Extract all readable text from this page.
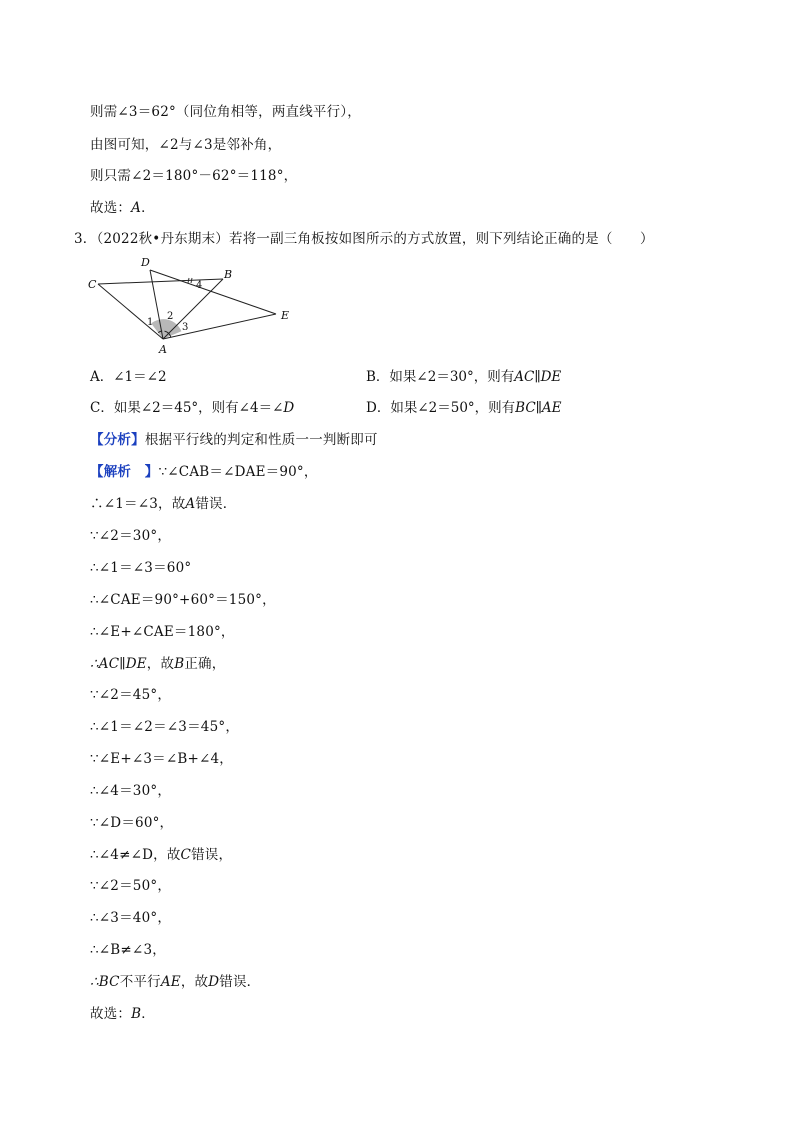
则需∠3＝62°（同位角相等，两直线平行），
由图可知，∠2与∠3是邻补角，
则只需∠2＝180°－62°＝118°，
故选：A．
3．（2022秋•丹东期末）若将一副三角板按如图所示的方式放置，则下列结论正确的是（　　）
D
C
B
E
A
1
2
3
4
A．∠1＝∠2	B．如果∠2＝30°，则有AC∥DE
C．如果∠2＝45°，则有∠4＝∠D	D．如果∠2＝50°，则有BC∥AE
【分析】根据平行线的判定和性质一一判断即可
【解析　】∵∠CAB＝∠DAE＝90°，
∴∠1＝∠3，故A错误．
∵∠2＝30°，
∴∠1＝∠3＝60°
∴∠CAE＝90°+60°＝150°，
∴∠E+∠CAE＝180°，
∴AC∥DE，故B正确，
∵∠2＝45°，
∴∠1＝∠2＝∠3＝45°，
∵∠E+∠3＝∠B+∠4，
∴∠4＝30°，
∵∠D＝60°，
∴∠4≠∠D，故C错误，
∵∠2＝50°，
∴∠3＝40°，
∴∠B≠∠3，
∴BC不平行AE，故D错误．
故选：B．
